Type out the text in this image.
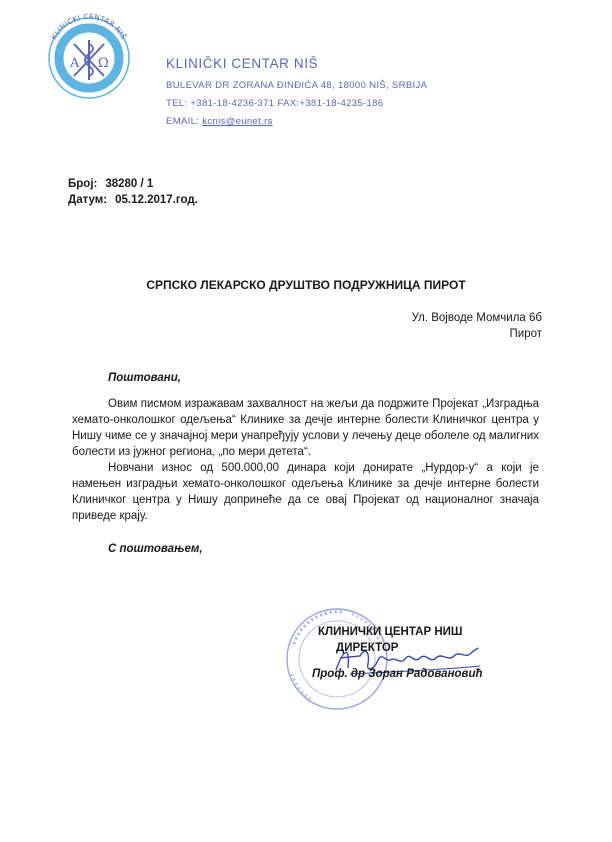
KLINIČKI CENTAR NIŠ
A Ω	KLINIČKI CENTAR NIŠ
BULEVAR DR ZORANA ĐINĐIĆA 48, 18000 NIŠ, SRBIJA
TEL: +381-18-4236-371 FAX:+381-18-4235-186
EMAIL: kcnis@eunet.rs
Број: 38280 / 1
Датум: 05.12.2017.год.
СРПСКО ЛЕКАРСКО ДРУШТВО ПОДРУЖНИЦА ПИРОТ
Ул. Војводе Момчила 6б
Пирот
Поштовани,
Овим писмом изражавам захвалност на жељи да подржите Пројекат „Изградња хемато-онколошког одељења“ Клинике за дечје интерне болести Клиничког центра у Нишу чиме се у значајној мери унапређују услови у лечењу деце оболеле од малигних болести из јужног региона, „по мери детета“.
Новчани износ од 500.000,00 динара који донирате „Нурдор-у“ а који је намењен изградњи хемато-онколошког одељења Клинике за дечје интерне болести Клиничког центра у Нишу допринеће да се овај Пројекат од националног значаја приведе крају.
С поштовањем,
КЛИНИЧКИ ЦЕНТАР НИШ
ДИРЕКТОР
Проф. др Зоран Радовановић
